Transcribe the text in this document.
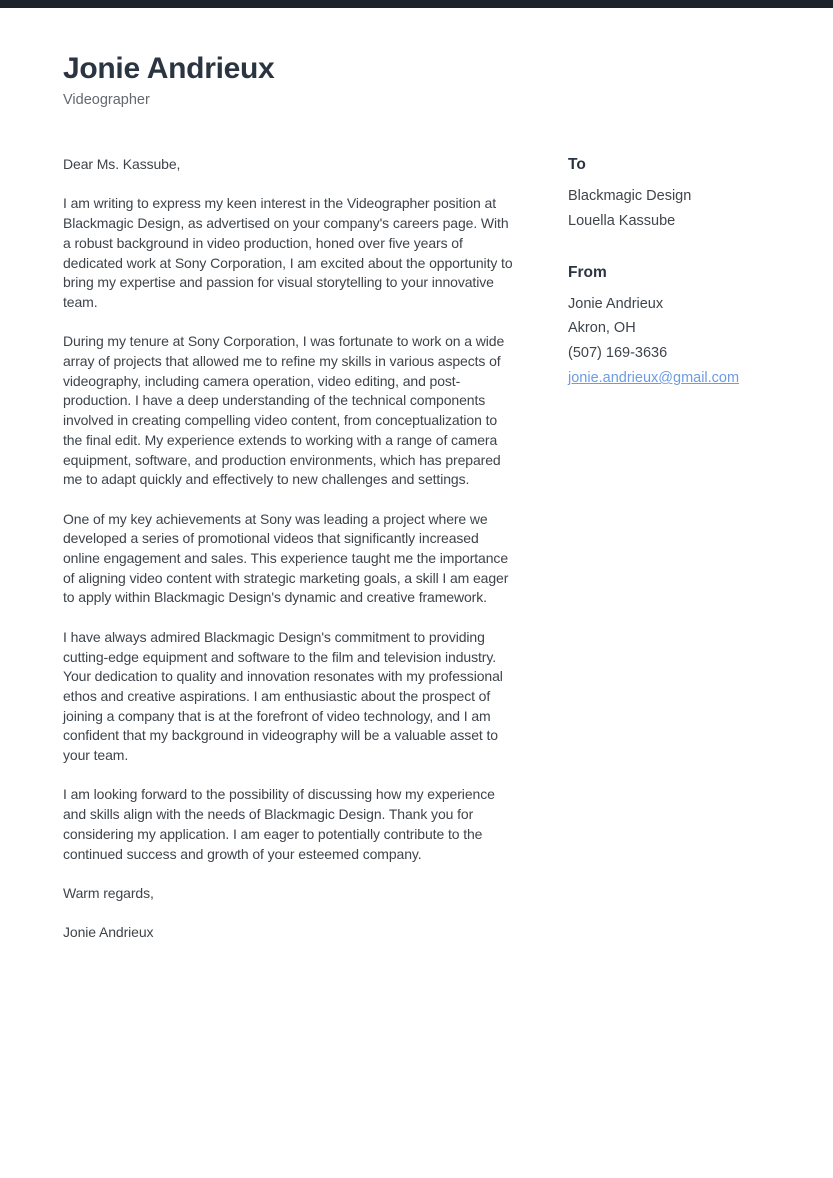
Jonie Andrieux
Videographer

Dear Ms. Kassube,

I am writing to express my keen interest in the Videographer position at Blackmagic Design, as advertised on your company's careers page. With a robust background in video production, honed over five years of dedicated work at Sony Corporation, I am excited about the opportunity to bring my expertise and passion for visual storytelling to your innovative team.

During my tenure at Sony Corporation, I was fortunate to work on a wide array of projects that allowed me to refine my skills in various aspects of videography, including camera operation, video editing, and post-production. I have a deep understanding of the technical components involved in creating compelling video content, from conceptualization to the final edit. My experience extends to working with a range of camera equipment, software, and production environments, which has prepared me to adapt quickly and effectively to new challenges and settings.

One of my key achievements at Sony was leading a project where we developed a series of promotional videos that significantly increased online engagement and sales. This experience taught me the importance of aligning video content with strategic marketing goals, a skill I am eager to apply within Blackmagic Design's dynamic and creative framework.

I have always admired Blackmagic Design's commitment to providing cutting-edge equipment and software to the film and television industry. Your dedication to quality and innovation resonates with my professional ethos and creative aspirations. I am enthusiastic about the prospect of joining a company that is at the forefront of video technology, and I am confident that my background in videography will be a valuable asset to your team.

I am looking forward to the possibility of discussing how my experience and skills align with the needs of Blackmagic Design. Thank you for considering my application. I am eager to potentially contribute to the continued success and growth of your esteemed company.

Warm regards,

Jonie Andrieux

To
Blackmagic Design
Louella Kassube
From
Jonie Andrieux
Akron, OH
(507) 169-3636
jonie.andrieux@gmail.com
